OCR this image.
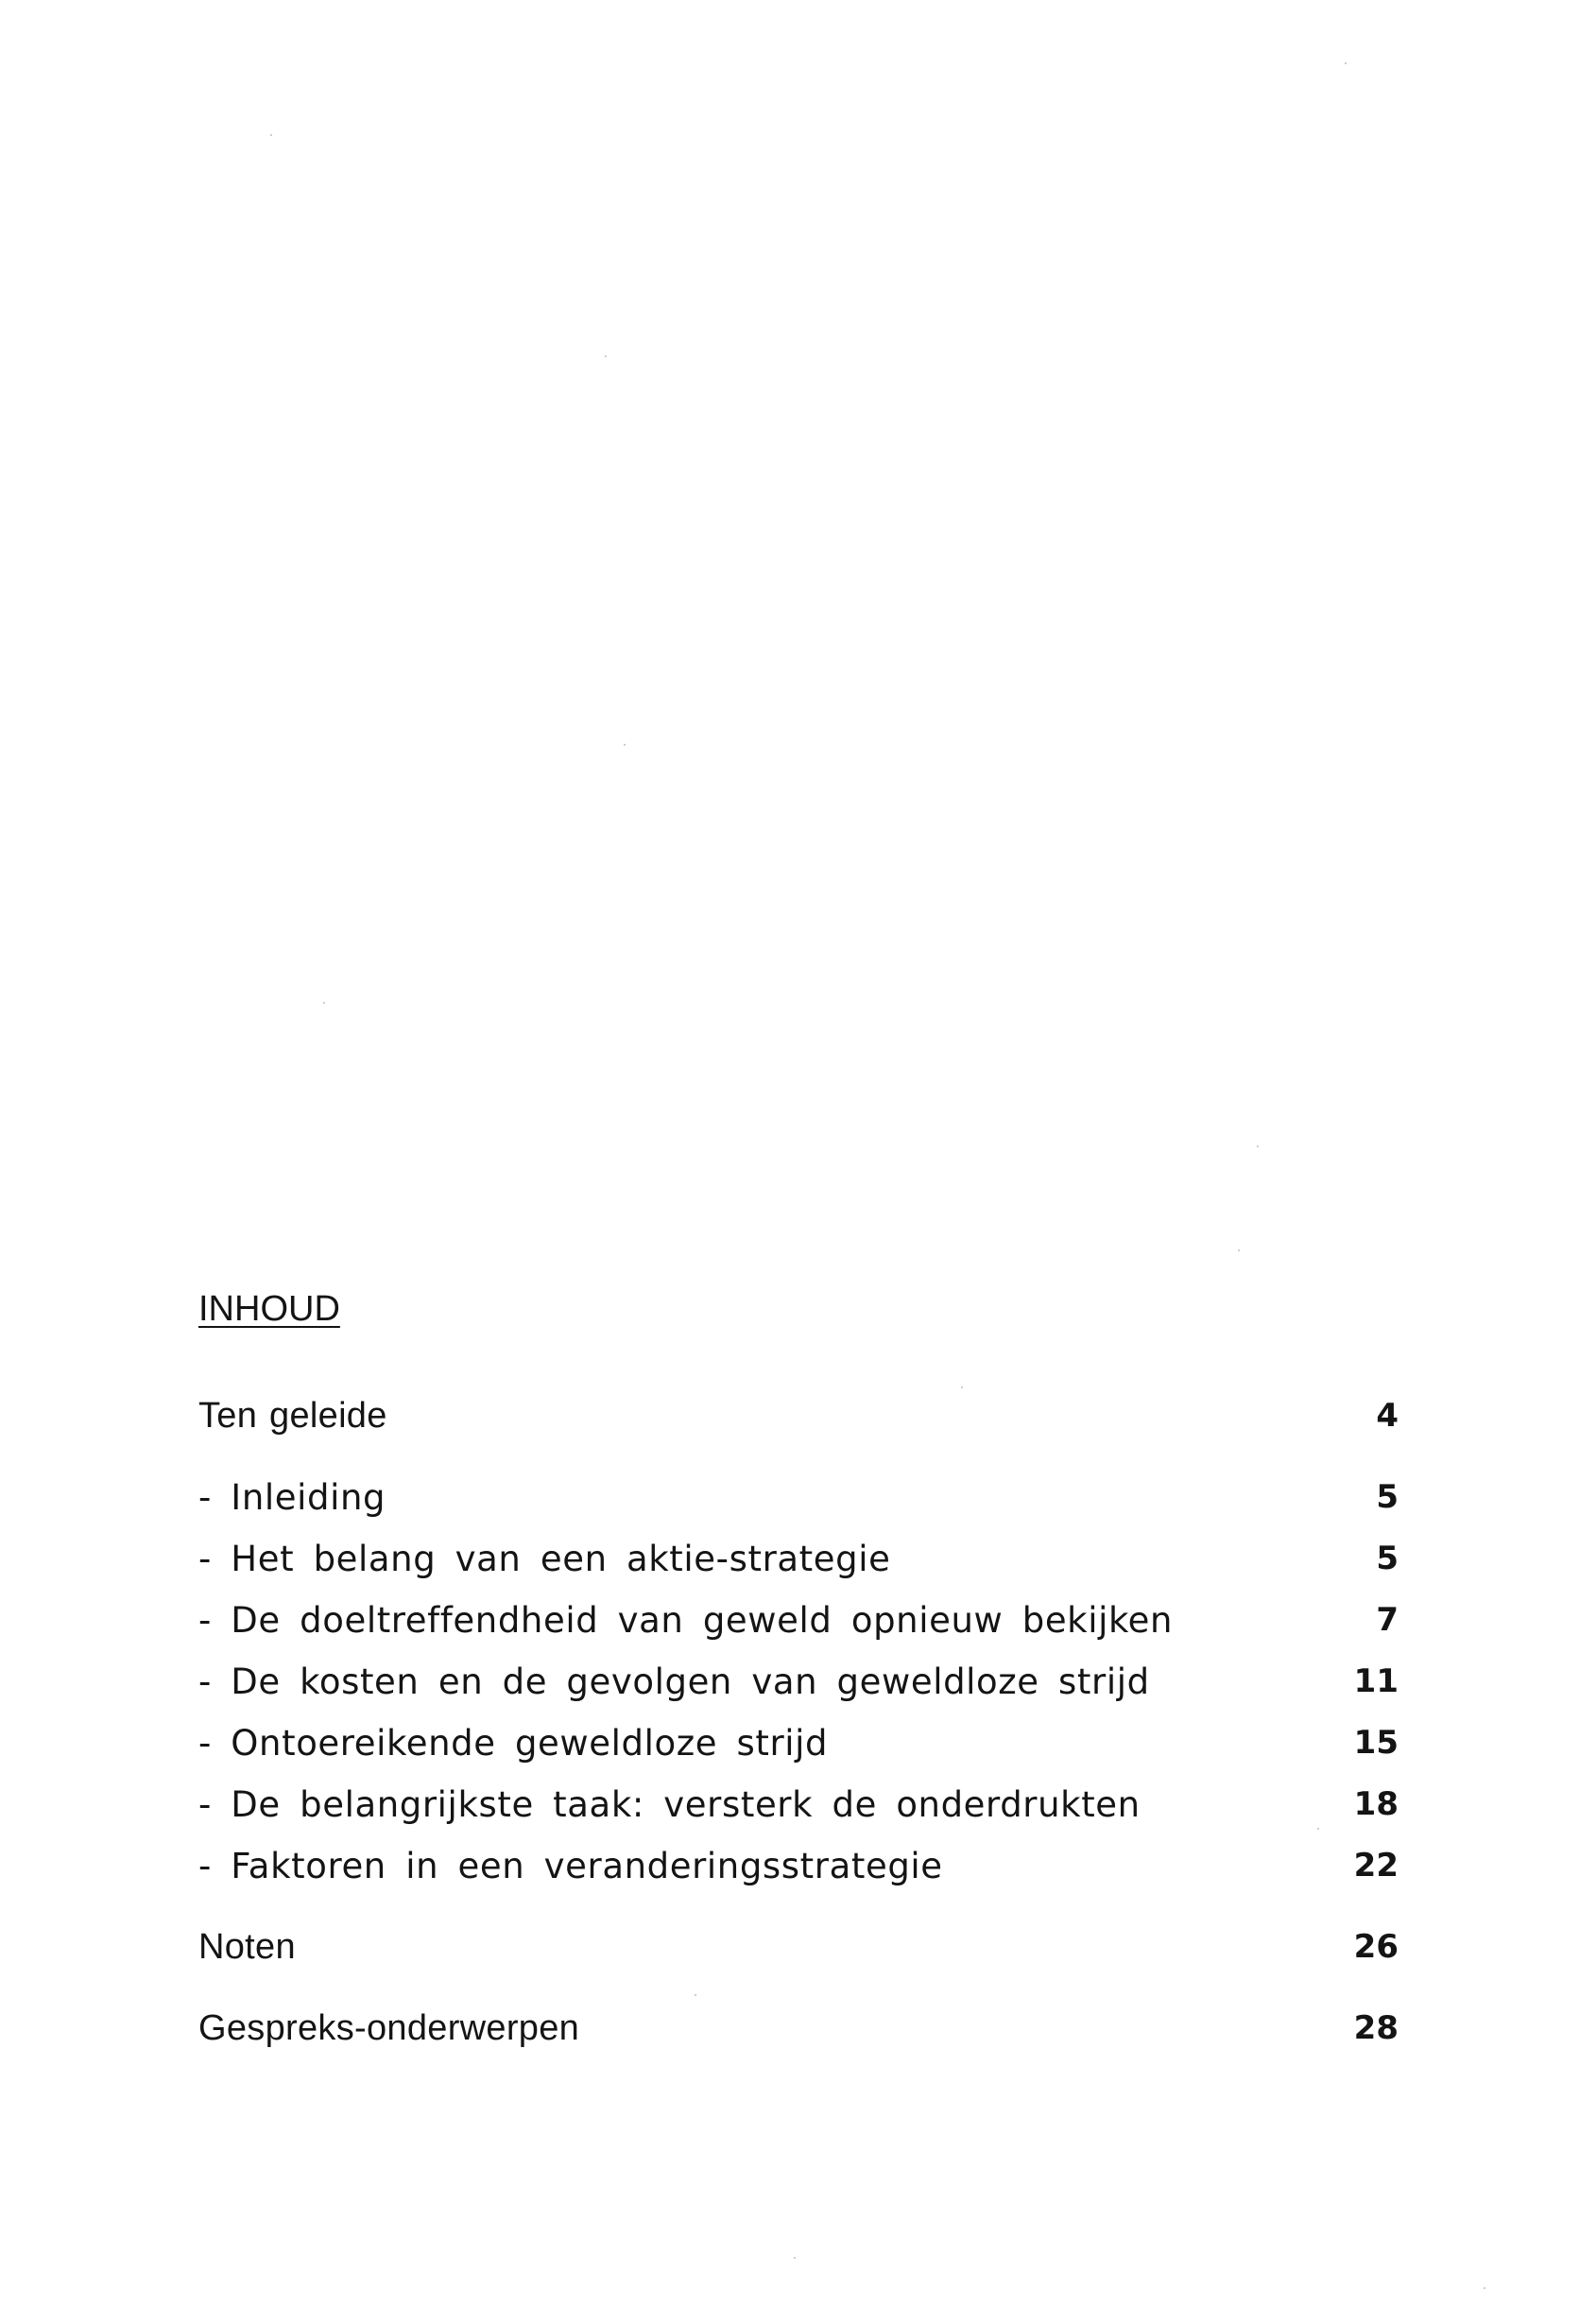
INHOUD
Ten geleide	4
- Inleiding	5
- Het belang van een aktie-strategie	5
- De doeltreffendheid van geweld opnieuw bekijken	7
- De kosten en de gevolgen van geweldloze strijd	11
- Ontoereikende geweldloze strijd	15
- De belangrijkste taak: versterk de onderdrukten	18
- Faktoren in een veranderingsstrategie	22
Noten	26
Gespreks-onderwerpen	28
